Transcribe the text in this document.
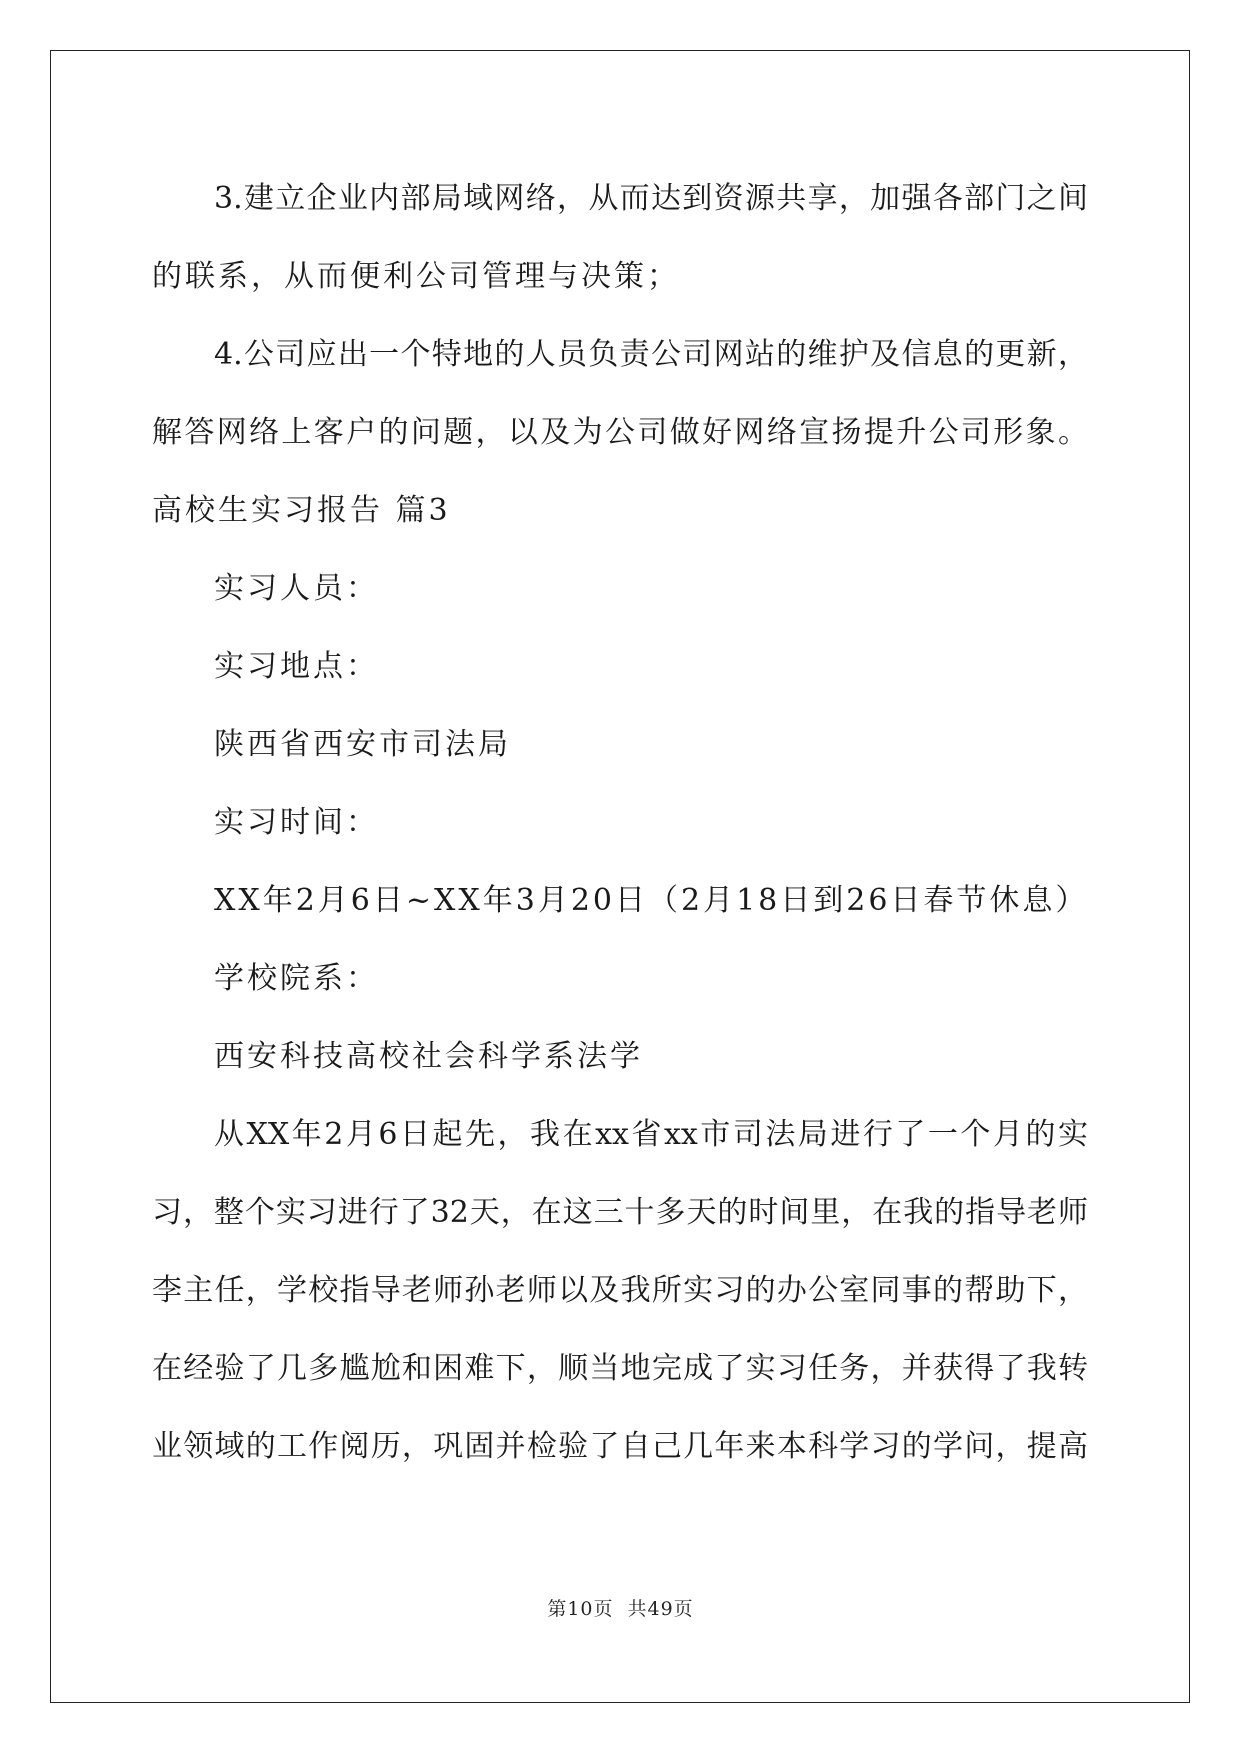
3.建立企业内部局域网络，从而达到资源共享，加强各部门之间
的联系，从而便利公司管理与决策；
4.公司应出一个特地的人员负责公司网站的维护及信息的更新，
解答网络上客户的问题，以及为公司做好网络宣扬提升公司形象。
高校生实习报告 篇3
实习人员：
实习地点：
陕西省西安市司法局
实习时间：
XX年2月6日~XX年3月20日（2月18日到26日春节休息）
学校院系：
西安科技高校社会科学系法学
从XX年2月6日起先，我在xx省xx市司法局进行了一个月的实
习，整个实习进行了32天，在这三十多天的时间里，在我的指导老师
李主任，学校指导老师孙老师以及我所实习的办公室同事的帮助下，
在经验了几多尴尬和困难下，顺当地完成了实习任务，并获得了我转
业领域的工作阅历，巩固并检验了自己几年来本科学习的学问，提高
第10页 共49页
